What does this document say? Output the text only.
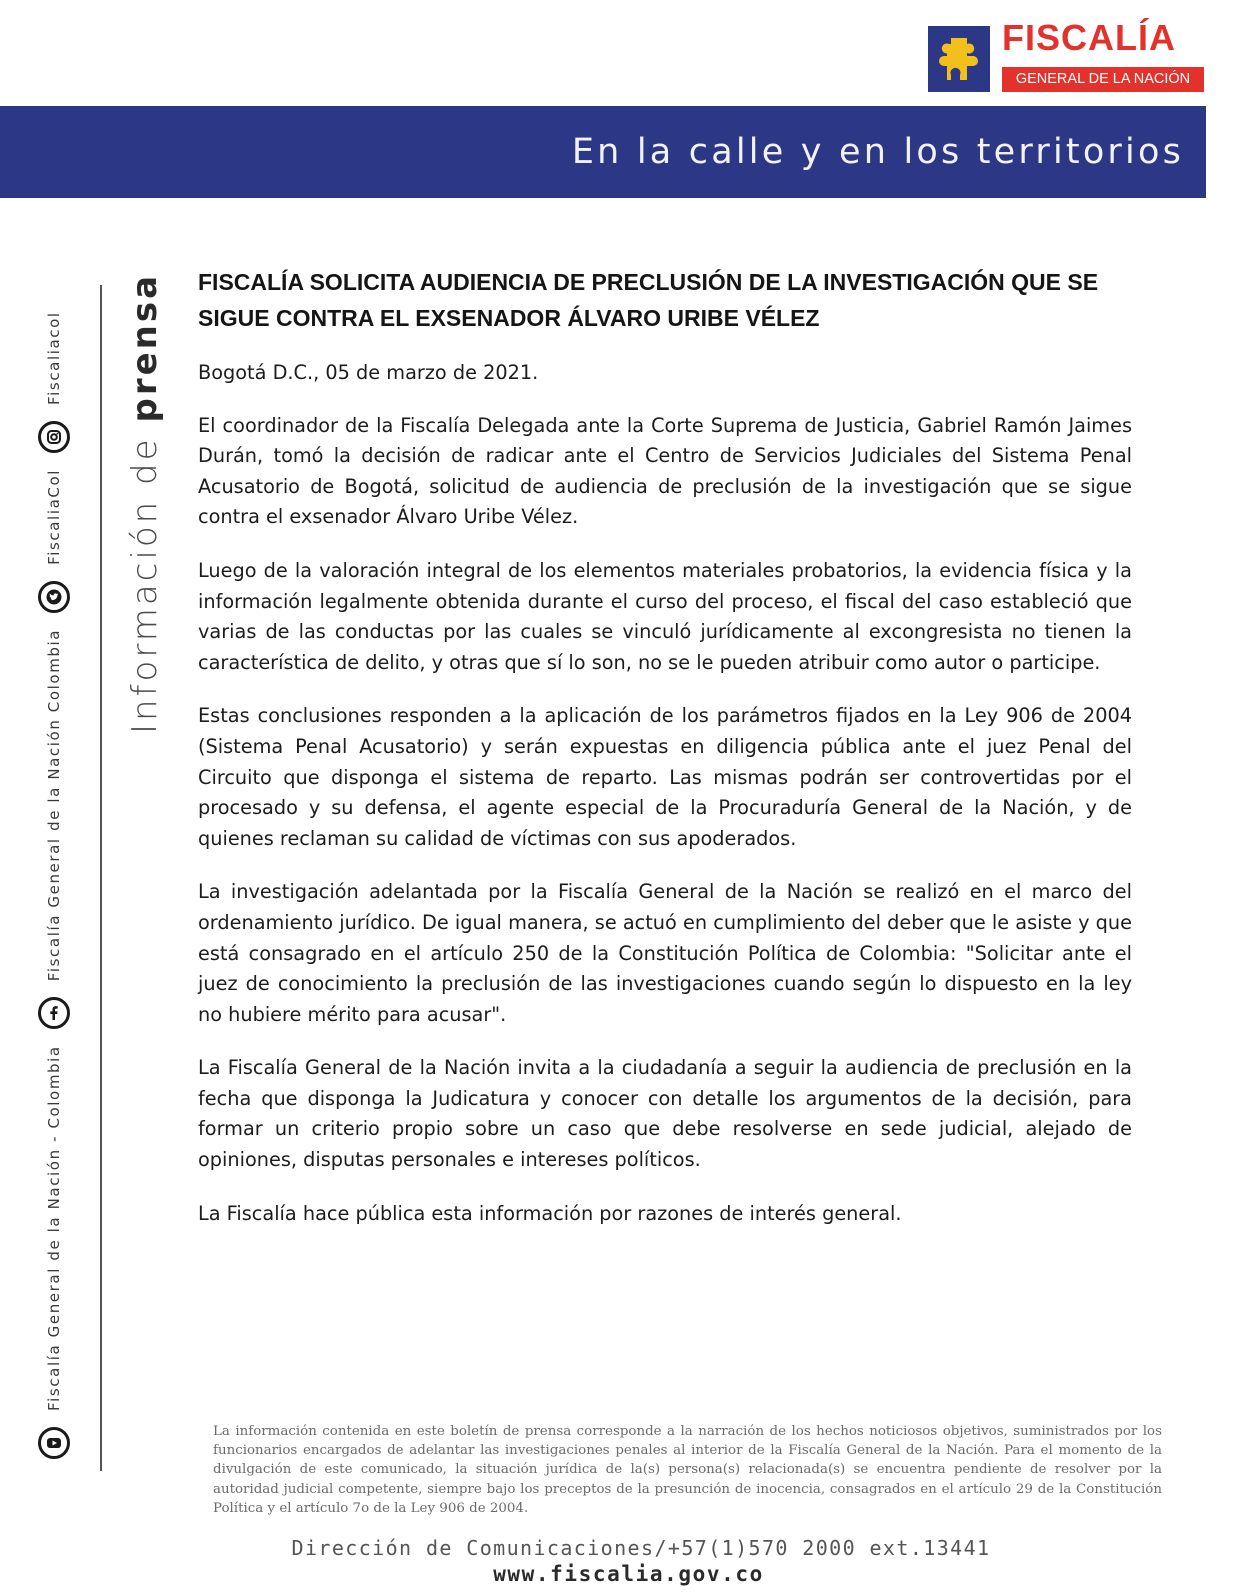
FISCALÍA
GENERAL DE LA NACIÓN
En la calle y en los territorios
Fiscalía General de la Nación - Colombia
Fiscalía General de la Nación Colombia
FiscaliaCol
Fiscaliacol
Información de
prensa FISCALÍA SOLICITA AUDIENCIA DE PRECLUSIÓN DE LA INVESTIGACIÓN QUE SE SIGUE CONTRA EL EXSENADOR ÁLVARO URIBE VÉLEZ

Bogotá D.C., 05 de marzo de 2021.

El coordinador de la Fiscalía Delegada ante la Corte Suprema de Justicia, Gabriel Ramón Jaimes Durán, tomó la decisión de radicar ante el Centro de Servicios Judiciales del Sistema Penal Acusatorio de Bogotá, solicitud de audiencia de preclusión de la investigación que se sigue contra el exsenador Álvaro Uribe Vélez.

Luego de la valoración integral de los elementos materiales probatorios, la evidencia física y la información legalmente obtenida durante el curso del proceso, el fiscal del caso estableció que varias de las conductas por las cuales se vinculó jurídicamente al excongresista no tienen la característica de delito, y otras que sí lo son, no se le pueden atribuir como autor o participe.

Estas conclusiones responden a la aplicación de los parámetros fijados en la Ley 906 de 2004 (Sistema Penal Acusatorio) y serán expuestas en diligencia pública ante el juez Penal del Circuito que disponga el sistema de reparto. Las mismas podrán ser controvertidas por el procesado y su defensa, el agente especial de la Procuraduría General de la Nación, y de quienes reclaman su calidad de víctimas con sus apoderados.

La investigación adelantada por la Fiscalía General de la Nación se realizó en el marco del ordenamiento jurídico. De igual manera, se actuó en cumplimiento del deber que le asiste y que está consagrado en el artículo 250 de la Constitución Política de Colombia: "Solicitar ante el juez de conocimiento la preclusión de las investigaciones cuando según lo dispuesto en la ley no hubiere mérito para acusar".

La Fiscalía General de la Nación invita a la ciudadanía a seguir la audiencia de preclusión en la fecha que disponga la Judicatura y conocer con detalle los argumentos de la decisión, para formar un criterio propio sobre un caso que debe resolverse en sede judicial, alejado de opiniones, disputas personales e intereses políticos.

La Fiscalía hace pública esta información por razones de interés general.

La información contenida en este boletín de prensa corresponde a la narración de los hechos noticiosos objetivos, suministrados por los funcionarios encargados de adelantar las investigaciones penales al interior de la Fiscalía General de la Nación. Para el momento de la divulgación de este comunicado, la situación jurídica de la(s) persona(s) relacionada(s) se encuentra pendiente de resolver por la autoridad judicial competente, siempre bajo los preceptos de la presunción de inocencia, consagrados en el artículo 29 de la Constitución Política y el artículo 7o de la Ley 906 de 2004.

Dirección de Comunicaciones/+57(1)570 2000 ext.13441
www.fiscalia.gov.co
